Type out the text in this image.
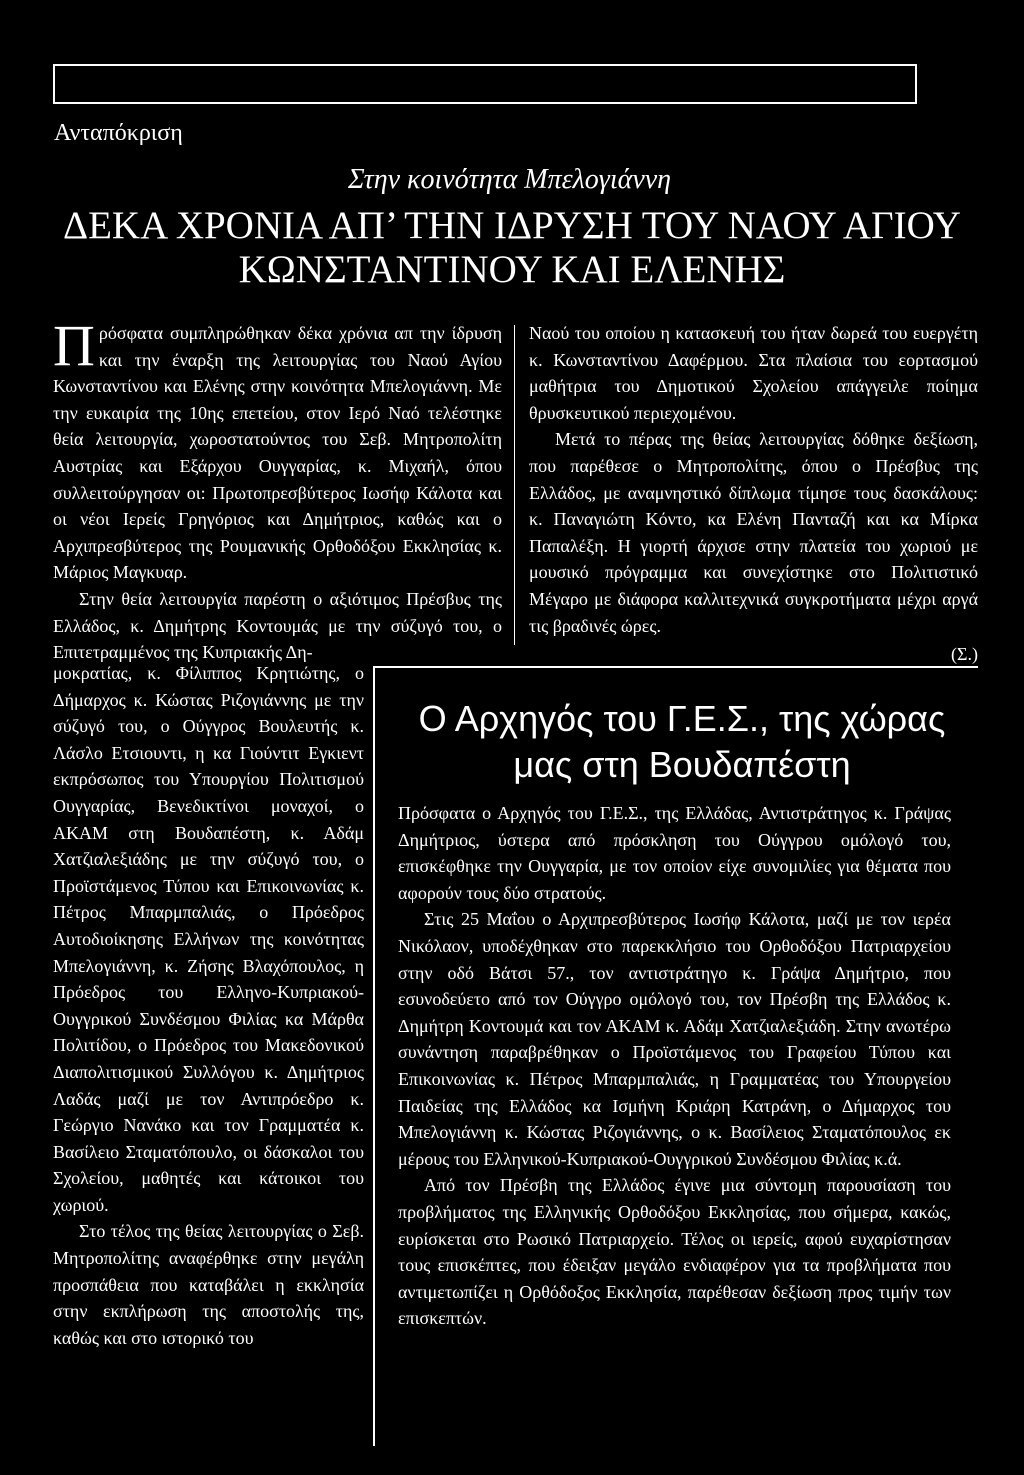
Ανταπόκριση
Στην κοινότητα Μπελογιάννη
ΔΕΚΑ ΧΡΟΝΙΑ ΑΠ’ ΤΗΝ ΙΔΡΥΣΗ ΤΟΥ ΝΑΟΥ ΑΓΙΟΥ
ΚΩΝΣΤΑΝΤΙΝΟΥ ΚΑΙ ΕΛΕΝΗΣ

Πρόσφατα συμπληρώθηκαν δέκα χρόνια απ την ίδρυση και την έναρξη της λειτουργίας του Ναού Αγίου Κωνσταντίνου και Ελένης στην κοινότητα Μπελογιάννη. Με την ευκαιρία της 10ης επετείου, στον Ιερό Ναό τελέστηκε θεία λειτουργία, χωροστατούντος του Σεβ. Μητροπολίτη Αυστρίας και Εξάρχου Ουγγαρίας, κ. Μιχαήλ, όπου συλλειτούργησαν οι: Πρωτοπρεσβύτερος Ιωσήφ Κάλοτα και οι νέοι Ιερείς Γρηγόριος και Δημήτριος, καθώς και ο Αρχιπρεσβύτερος της Ρουμανικής Ορθοδόξου Εκκλησίας κ. Μάριος Μαγκυαρ.

Στην θεία λειτουργία παρέστη ο αξιότιμος Πρέσβυς της Ελλάδος, κ. Δημήτρης Κοντουμάς με την σύζυγό του, ο Επιτετραμμένος της Κυπριακής Δη-

μοκρατίας, κ. Φίλιππος Κρητιώτης, ο Δήμαρχος κ. Κώστας Ριζογιάννης με την σύζυγό του, ο Ούγγρος Βουλευτής κ. Λάσλο Ετσιουντι, η κα Γιούντιτ Εγκιεντ εκπρόσωπος του Υπουργίου Πολιτισμού Ουγγαρίας, Βενεδικτίνοι μοναχοί, ο ΑΚΑΜ στη Βουδαπέστη, κ. Αδάμ Χατζιαλεξιάδης με την σύζυγό του, ο Προϊστάμενος Τύπου και Επικοινωνίας κ. Πέτρος Μπαρμπαλιάς, ο Πρόεδρος Αυτοδιοίκησης Ελλήνων της κοινότητας Μπελογιάννη, κ. Ζήσης Βλαχόπουλος, η Πρόεδρος του Ελληνο-Κυπριακού-Ουγγρικού Συνδέσμου Φιλίας κα Μάρθα Πολιτίδου, ο Πρόεδρος του Μακεδονικού Διαπολιτισμικού Συλλόγου κ. Δημήτριος Λαδάς μαζί με τον Αντιπρόεδρο κ. Γεώργιο Νανάκο και τον Γραμματέα κ. Βασίλειο Σταματόπουλο, οι δάσκαλοι του Σχολείου, μαθητές και κάτοικοι του χωριού.

Στο τέλος της θείας λειτουργίας ο Σεβ. Μητροπολίτης αναφέρθηκε στην μεγάλη προσπάθεια που καταβάλει η εκκλησία στην εκπλήρωση της αποστολής της, καθώς και στο ιστορικό του

Ναού του οποίου η κατασκευή του ήταν δωρεά του ευεργέτη κ. Κωνσταντίνου Δαφέρμου. Στα πλαίσια του εορτασμού μαθήτρια του Δημοτικού Σχολείου απάγγειλε ποίημα θρυσκευτικού περιεχομένου.

Μετά το πέρας της θείας λειτουργίας δόθηκε δεξίωση, που παρέθεσε ο Μητροπολίτης, όπου ο Πρέσβυς της Ελλάδος, με αναμνηστικό δίπλωμα τίμησε τους δασκάλους: κ. Παναγιώτη Κόντο, κα Ελένη Πανταζή και κα Μίρκα Παπαλέξη. Η γιορτή άρχισε στην πλατεία του χωριού με μουσικό πρόγραμμα και συνεχίστηκε στο Πολιτιστικό Μέγαρο με διάφορα καλλιτεχνικά συγκροτήματα μέχρι αργά τις βραδινές ώρες.

(Σ.)

Ο Αρχηγός του Γ.Ε.Σ., της χώρας
μας στη Βουδαπέστη

Πρόσφατα ο Αρχηγός του Γ.Ε.Σ., της Ελλάδας, Αντιστράτηγος κ. Γράψας Δημήτριος, ύστερα από πρόσκληση του Ούγγρου ομόλογό του, επισκέφθηκε την Ουγγαρία, με τον οποίον είχε συνομιλίες για θέματα που αφορούν τους δύο στρατούς.

Στις 25 Μαΐου ο Αρχιπρεσβύτερος Ιωσήφ Κάλοτα, μαζί με τον ιερέα Νικόλαον, υποδέχθηκαν στο παρεκκλήσιο του Ορθοδόξου Πατριαρχείου στην οδό Βάτσι 57., τον αντιστράτηγο κ. Γράψα Δημήτριο, που εσυνοδεύετο από τον Ούγγρο ομόλογό του, τον Πρέσβη της Ελλάδος κ. Δημήτρη Κοντουμά και τον ΑΚΑΜ κ. Αδάμ Χατζιαλεξιάδη. Στην ανωτέρω συνάντηση παραβρέθηκαν ο Προϊστάμενος του Γραφείου Τύπου και Επικοινωνίας κ. Πέτρος Μπαρμπαλιάς, η Γραμματέας του Υπουργείου Παιδείας της Ελλάδος κα Ισμήνη Κριάρη Κατράνη, ο Δήμαρχος του Μπελογιάννη κ. Κώστας Ριζογιάννης, ο κ. Βασίλειος Σταματόπουλος εκ μέρους του Ελληνικού-Κυπριακού-Ουγγρικού Συνδέσμου Φιλίας κ.ά.

Από τον Πρέσβη της Ελλάδος έγινε μια σύντομη παρουσίαση του προβλήματος της Ελληνικής Ορθοδόξου Εκκλησίας, που σήμερα, κακώς, ευρίσκεται στο Ρωσικό Πατριαρχείο. Τέλος οι ιερείς, αφού ευχαρίστησαν τους επισκέπτες, που έδειξαν μεγάλο ενδιαφέρον για τα προβλήματα που αντιμετωπίζει η Ορθόδοξος Εκκλησία, παρέθεσαν δεξίωση προς τιμήν των επισκεπτών.
